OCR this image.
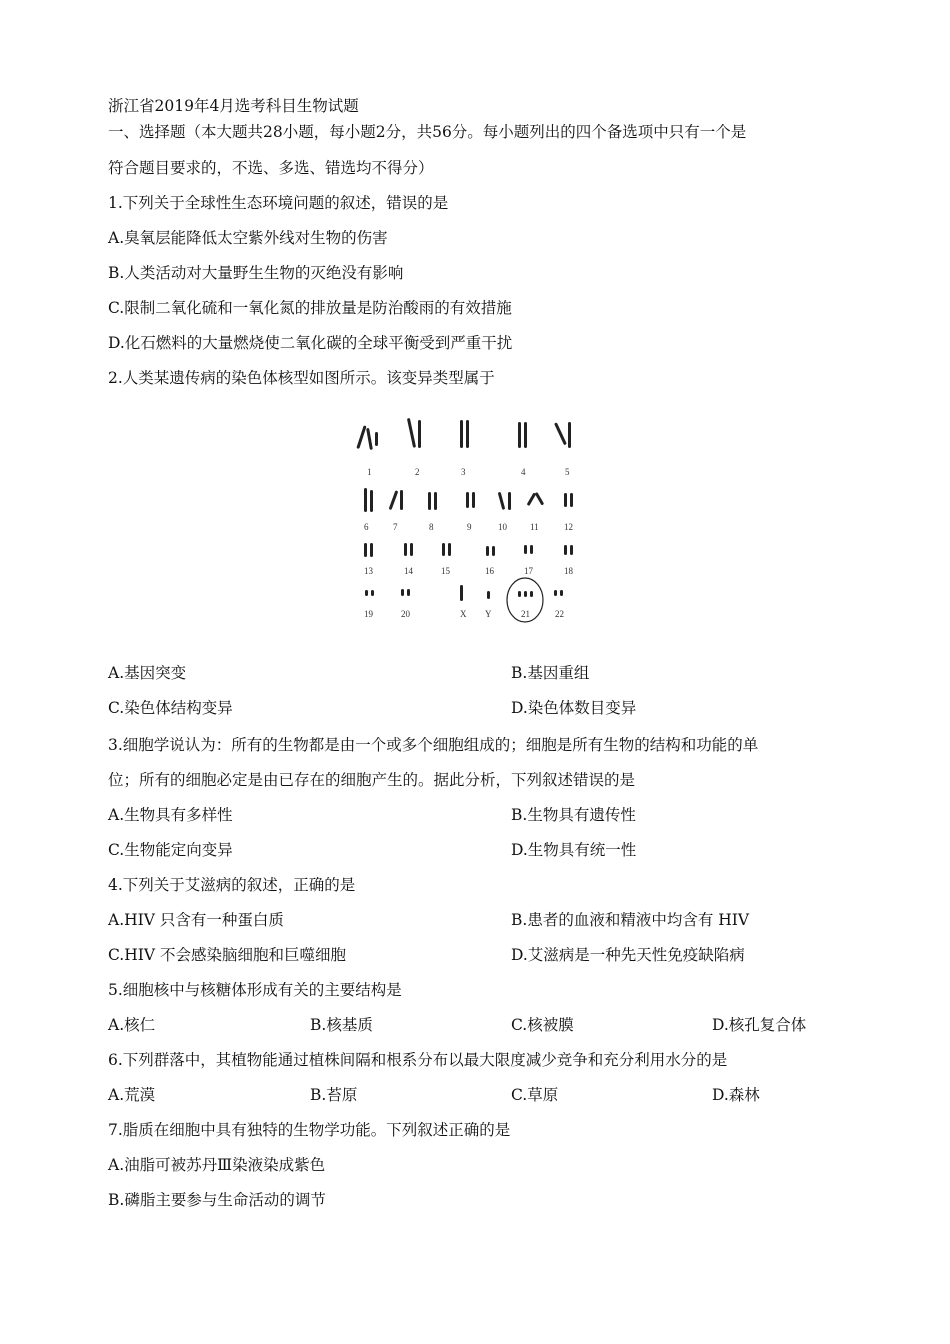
浙江省2019年4月选考科目生物试题
一、选择题（本大题共28小题，每小题2分，共56分。每小题列出的四个备选项中只有一个是
符合题目要求的，不选、多选、错选均不得分）
1.下列关于全球性生态环境问题的叙述，错误的是
A.臭氧层能降低太空紫外线对生物的伤害
B.人类活动对大量野生生物的灭绝没有影响
C.限制二氧化硫和一氧化氮的排放量是防治酸雨的有效措施
D.化石燃料的大量燃烧使二氧化碳的全球平衡受到严重干扰
2.人类某遗传病的染色体核型如图所示。该变异类型属于
1	2	3	4	5
6	7	8	9	10	11	12
13	14	15	16	17	18
19	20	X Y	21	22
A.基因突变	B.基因重组
C.染色体结构变异	D.染色体数目变异
3.细胞学说认为：所有的生物都是由一个或多个细胞组成的；细胞是所有生物的结构和功能的单
位；所有的细胞必定是由已存在的细胞产生的。据此分析，下列叙述错误的是
A.生物具有多样性	B.生物具有遗传性
C.生物能定向变异	D.生物具有统一性
4.下列关于艾滋病的叙述，正确的是
A.HIV 只含有一种蛋白质	B.患者的血液和精液中均含有 HIV
C.HIV 不会感染脑细胞和巨噬细胞	D.艾滋病是一种先天性免疫缺陷病
5.细胞核中与核糖体形成有关的主要结构是
A.核仁	B.核基质	C.核被膜	D.核孔复合体
6.下列群落中，其植物能通过植株间隔和根系分布以最大限度减少竞争和充分利用水分的是
A.荒漠	B.苔原	C.草原	D.森林
7.脂质在细胞中具有独特的生物学功能。下列叙述正确的是
A.油脂可被苏丹Ⅲ染液染成紫色
B.磷脂主要参与生命活动的调节
